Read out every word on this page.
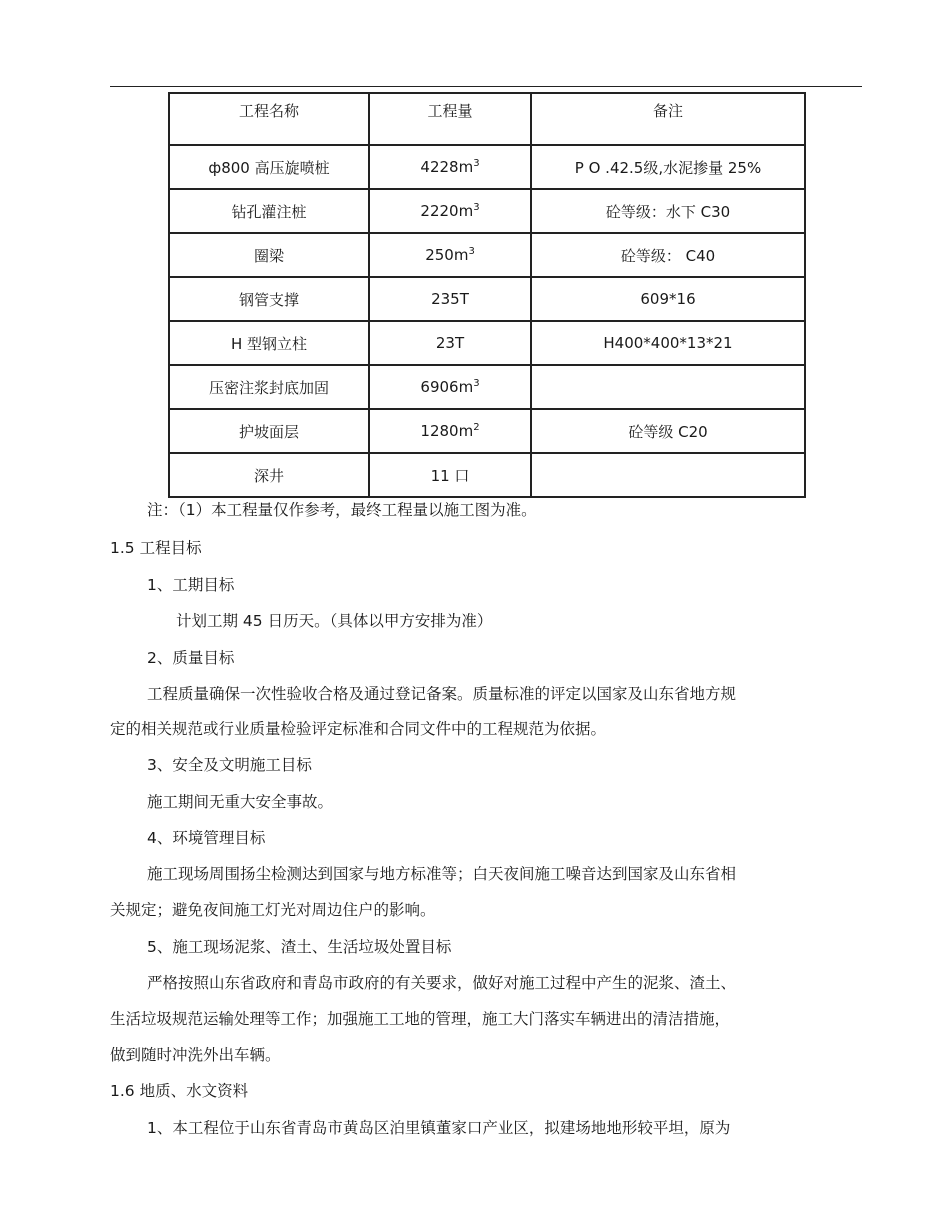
工程名称	工程量	备注
ф800 高压旋喷桩	$4228m^3$	P O .42.5级,水泥掺量 25%
钻孔灌注桩	$2220m^3$	砼等级：水下 C30
圈梁	$250m^3$	砼等级： C40
钢管支撑	235T	609*16
H 型钢立柱	23T	H400*400*13*21
压密注浆封底加固	$6906m^3$	
护坡面层	$1280m^2$	砼等级 C20
深井	11 口	
注：（1）本工程量仅作参考，最终工程量以施工图为准。
1.5 工程目标
1、工期目标
计划工期 45 日历天。（具体以甲方安排为准）
2、质量目标
工程质量确保一次性验收合格及通过登记备案。质量标准的评定以国家及山东省地方规
定的相关规范或行业质量检验评定标准和合同文件中的工程规范为依据。
3、安全及文明施工目标
施工期间无重大安全事故。
4、环境管理目标
施工现场周围扬尘检测达到国家与地方标准等；白天夜间施工噪音达到国家及山东省相
关规定；避免夜间施工灯光对周边住户的影响。
5、施工现场泥浆、渣土、生活垃圾处置目标
严格按照山东省政府和青岛市政府的有关要求，做好对施工过程中产生的泥浆、渣土、
生活垃圾规范运输处理等工作；加强施工工地的管理，施工大门落实车辆进出的清洁措施，
做到随时冲洗外出车辆。
1.6 地质、水文资料
1、本工程位于山东省青岛市黄岛区泊里镇董家口产业区，拟建场地地形较平坦，原为
